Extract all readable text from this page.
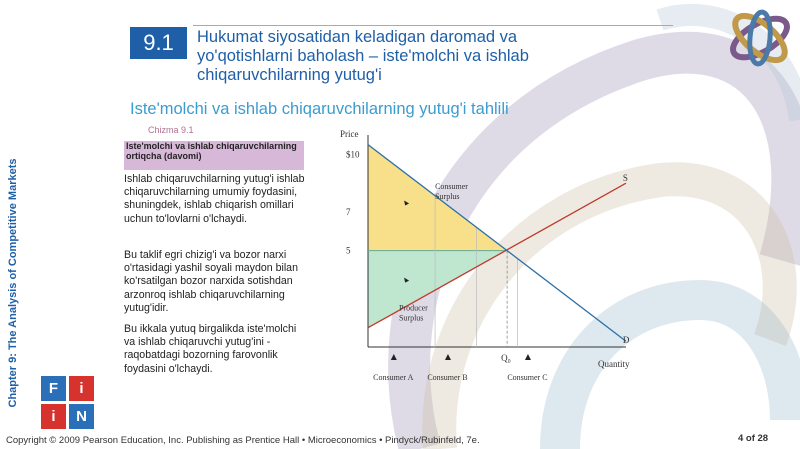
9.1	Hukumat siyosatidan keladigan daromad va yo'qotishlarni baholash – iste'molchi va ishlab chiqaruvchilarning yutug'i
Iste'molchi va ishlab chiqaruvchilarning yutug'i tahlili
Chapter 9: The Analysis of Competitive Markets
Chizma 9.1
Iste'molchi va ishlab chiqaruvchilarning ortiqcha (davomi)
Ishlab chiqaruvchilarning yutug'i ishlab chiqaruvchilarning umumiy foydasini, shuningdek, ishlab chiqarish omillari uchun to'lovlarni o'lchaydi.
Bu taklif egri chizig'i va bozor narxi o'rtasidagi yashil soyali maydon bilan ko'rsatilgan bozor narxida sotishdan arzonroq ishlab chiqaruvchilarning yutug'idir.
Bu ikkala yutuq birgalikda iste'molchi va ishlab chiqaruvchi yutug'ini - raqobatdagi bozorning farovonlik foydasini o'lchaydi.
F	i
i	N
Price
Quantity
$10
7
5
S
D
Q₀
Consumer Surplus
Producer Surplus
Consumer A Consumer B	Consumer C
Copyright © 2009 Pearson Education, Inc. Publishing as Prentice Hall • Microeconomics • Pindyck/Rubinfeld, 7e.	4 of 28
